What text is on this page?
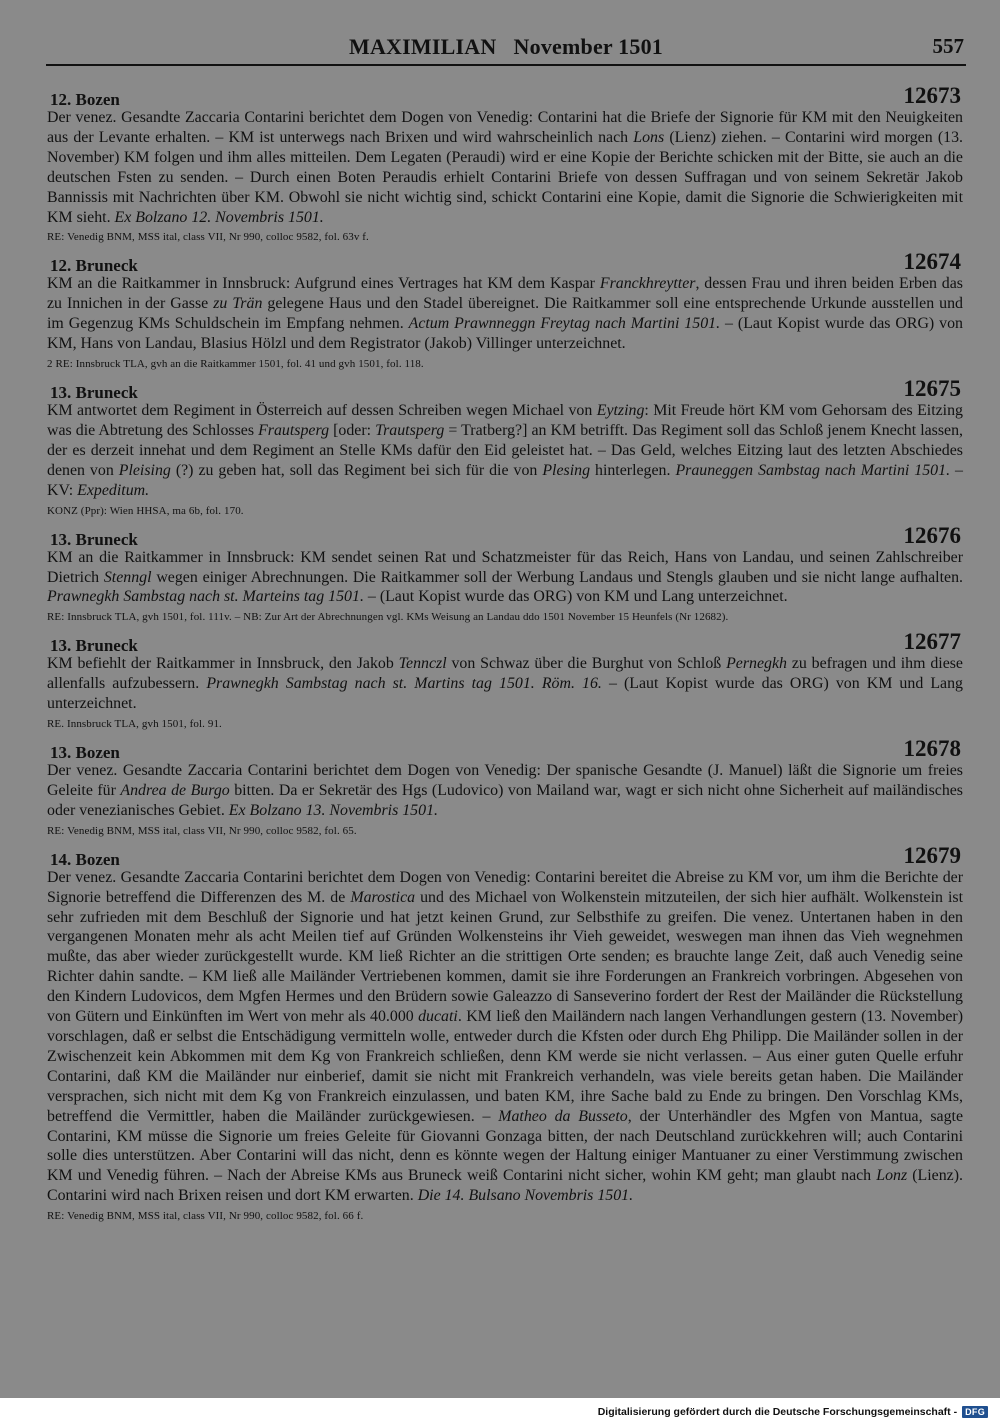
MAXIMILIAN   November 1501	557
12. Bozen	12673
Der venez. Gesandte Zaccaria Contarini berichtet dem Dogen von Venedig: Contarini hat die Briefe der Signorie für KM mit den Neuigkeiten aus der Levante erhalten. – KM ist unterwegs nach Brixen und wird wahrscheinlich nach Lons (Lienz) ziehen. – Contarini wird morgen (13. November) KM folgen und ihm alles mitteilen. Dem Legaten (Peraudi) wird er eine Kopie der Berichte schicken mit der Bitte, sie auch an die deutschen Fsten zu senden. – Durch einen Boten Peraudis erhielt Contarini Briefe von dessen Suffragan und von seinem Sekretär Jakob Bannissis mit Nachrichten über KM. Obwohl sie nicht wichtig sind, schickt Contarini eine Kopie, damit die Signorie die Schwierigkeiten mit KM sieht. Ex Bolzano 12. Novembris 1501.
RE: Venedig BNM, MSS ital, class VII, Nr 990, colloc 9582, fol. 63v f.
12. Bruneck	12674
KM an die Raitkammer in Innsbruck: Aufgrund eines Vertrages hat KM dem Kaspar Franckhreytter, dessen Frau und ihren beiden Erben das zu Innichen in der Gasse zu Trän gelegene Haus und den Stadel übereignet. Die Raitkammer soll eine entsprechende Urkunde ausstellen und im Gegenzug KMs Schuldschein im Empfang nehmen. Actum Prawnneggn Freytag nach Martini 1501. – (Laut Kopist wurde das ORG) von KM, Hans von Landau, Blasius Hölzl und dem Registrator (Jakob) Villinger unterzeichnet.
2 RE: Innsbruck TLA, gvh an die Raitkammer 1501, fol. 41 und gvh 1501, fol. 118.
13. Bruneck	12675
KM antwortet dem Regiment in Österreich auf dessen Schreiben wegen Michael von Eytzing: Mit Freude hört KM vom Gehorsam des Eitzing was die Abtretung des Schlosses Frautsperg [oder: Trautsperg = Tratberg?] an KM betrifft. Das Regiment soll das Schloß jenem Knecht lassen, der es derzeit innehat und dem Regiment an Stelle KMs dafür den Eid geleistet hat. – Das Geld, welches Eitzing laut des letzten Abschiedes denen von Pleising (?) zu geben hat, soll das Regiment bei sich für die von Plesing hinterlegen. Prauneggen Sambstag nach Martini 1501. – KV: Expeditum.
KONZ (Ppr): Wien HHSA, ma 6b, fol. 170.
13. Bruneck	12676
KM an die Raitkammer in Innsbruck: KM sendet seinen Rat und Schatzmeister für das Reich, Hans von Landau, und seinen Zahlschreiber Dietrich Stenngl wegen einiger Abrechnungen. Die Raitkammer soll der Werbung Landaus und Stengls glauben und sie nicht lange aufhalten. Prawnegkh Sambstag nach st. Marteins tag 1501. – (Laut Kopist wurde das ORG) von KM und Lang unterzeichnet.
RE: Innsbruck TLA, gvh 1501, fol. 111v. – NB: Zur Art der Abrechnungen vgl. KMs Weisung an Landau ddo 1501 November 15 Heunfels (Nr 12682).
13. Bruneck	12677
KM befiehlt der Raitkammer in Innsbruck, den Jakob Tennczl von Schwaz über die Burghut von Schloß Pernegkh zu befragen und ihm diese allenfalls aufzubessern. Prawnegkh Sambstag nach st. Martins tag 1501. Röm. 16. – (Laut Kopist wurde das ORG) von KM und Lang unterzeichnet.
RE. Innsbruck TLA, gvh 1501, fol. 91.
13. Bozen	12678
Der venez. Gesandte Zaccaria Contarini berichtet dem Dogen von Venedig: Der spanische Gesandte (J. Manuel) läßt die Signorie um freies Geleite für Andrea de Burgo bitten. Da er Sekretär des Hgs (Ludovico) von Mailand war, wagt er sich nicht ohne Sicherheit auf mailändisches oder venezianisches Gebiet. Ex Bolzano 13. Novembris 1501.
RE: Venedig BNM, MSS ital, class VII, Nr 990, colloc 9582, fol. 65.
14. Bozen	12679
Der venez. Gesandte Zaccaria Contarini berichtet dem Dogen von Venedig: Contarini bereitet die Abreise zu KM vor, um ihm die Berichte der Signorie betreffend die Differenzen des M. de Marostica und des Michael von Wolkenstein mitzuteilen, der sich hier aufhält. Wolkenstein ist sehr zufrieden mit dem Beschluß der Signorie und hat jetzt keinen Grund, zur Selbsthife zu greifen. Die venez. Untertanen haben in den vergangenen Monaten mehr als acht Meilen tief auf Gründen Wolkensteins ihr Vieh geweidet, weswegen man ihnen das Vieh wegnehmen mußte, das aber wieder zurückgestellt wurde. KM ließ Richter an die strittigen Orte senden; es brauchte lange Zeit, daß auch Venedig seine Richter dahin sandte. – KM ließ alle Mailänder Vertriebenen kommen, damit sie ihre Forderungen an Frankreich vorbringen. Abgesehen von den Kindern Ludovicos, dem Mgfen Hermes und den Brüdern sowie Galeazzo di Sanseverino fordert der Rest der Mailänder die Rückstellung von Gütern und Einkünften im Wert von mehr als 40.000 ducati. KM ließ den Mailändern nach langen Verhandlungen gestern (13. November) vorschlagen, daß er selbst die Entschädigung vermitteln wolle, entweder durch die Kfsten oder durch Ehg Philipp. Die Mailänder sollen in der Zwischenzeit kein Abkommen mit dem Kg von Frankreich schließen, denn KM werde sie nicht verlassen. – Aus einer guten Quelle erfuhr Contarini, daß KM die Mailänder nur einberief, damit sie nicht mit Frankreich verhandeln, was viele bereits getan haben. Die Mailänder versprachen, sich nicht mit dem Kg von Frankreich einzulassen, und baten KM, ihre Sache bald zu Ende zu bringen. Den Vorschlag KMs, betreffend die Vermittler, haben die Mailänder zurückgewiesen. – Matheo da Busseto, der Unterhändler des Mgfen von Mantua, sagte Contarini, KM müsse die Signorie um freies Geleite für Giovanni Gonzaga bitten, der nach Deutschland zurückkehren will; auch Contarini solle dies unterstützen. Aber Contarini will das nicht, denn es könnte wegen der Haltung einiger Mantuaner zu einer Verstimmung zwischen KM und Venedig führen. – Nach der Abreise KMs aus Bruneck weiß Contarini nicht sicher, wohin KM geht; man glaubt nach Lonz (Lienz). Contarini wird nach Brixen reisen und dort KM erwarten. Die 14. Bulsano Novembris 1501.
RE: Venedig BNM, MSS ital, class VII, Nr 990, colloc 9582, fol. 66 f.
Digitalisierung gefördert durch die Deutsche Forschungsgemeinschaft - DFG
